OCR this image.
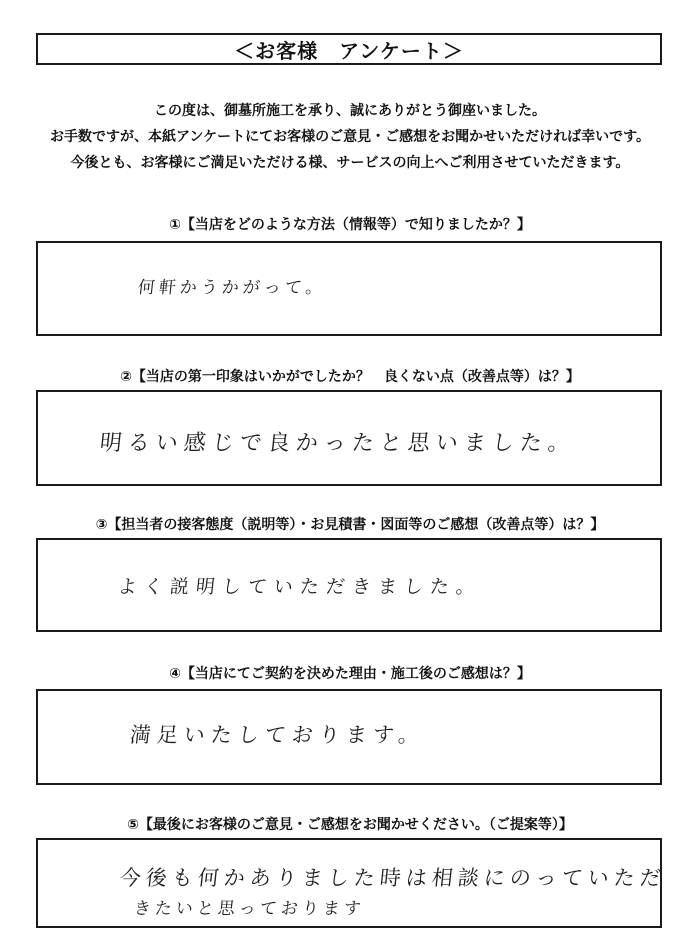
＜お客様　アンケート＞
この度は、御墓所施工を承り、誠にありがとう御座いました。
お手数ですが、本紙アンケートにてお客様のご意見・ご感想をお聞かせいただければ幸いです。
今後とも、お客様にご満足いただける様、サービスの向上へご利用させていただきます。
①【当店をどのような方法（情報等）で知りましたか？】
何軒かうかがって。
②【当店の第一印象はいかがでしたか？　良くない点（改善点等）は？】
明るい感じで良かったと思いました。
③【担当者の接客態度（説明等）・お見積書・図面等のご感想（改善点等）は？】
よく説明していただきました。
④【当店にてご契約を決めた理由・施工後のご感想は？】
満足いたしております。
⑤【最後にお客様のご意見・ご感想をお聞かせください。（ご提案等）】
今後も何かありました時は相談にのっていただ
きたいと思っております
